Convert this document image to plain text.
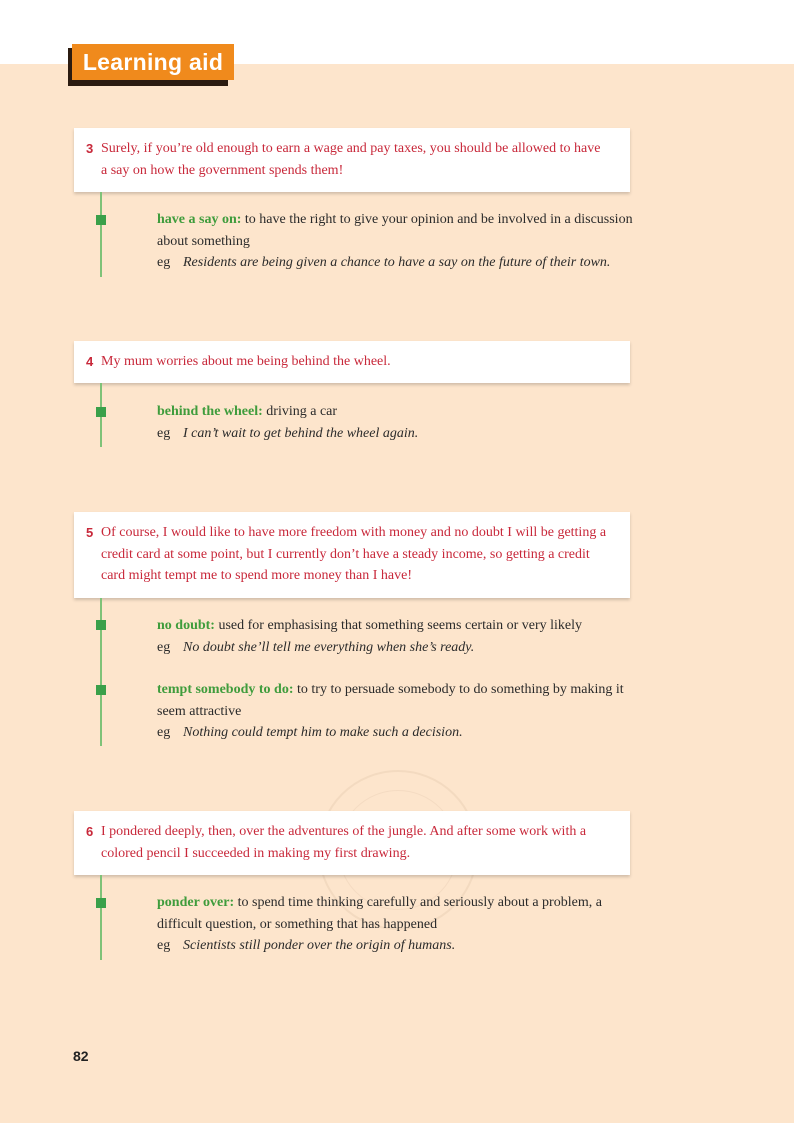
Learning aid
3 Surely, if you’re old enough to earn a wage and pay taxes, you should be allowed to have a say on how the government spends them!
have a say on: to have the right to give your opinion and be involved in a discussion about something
eg Residents are being given a chance to have a say on the future of their town.
4 My mum worries about me being behind the wheel.
behind the wheel: driving a car
eg I can’t wait to get behind the wheel again.
5 Of course, I would like to have more freedom with money and no doubt I will be getting a credit card at some point, but I currently don’t have a steady income, so getting a credit card might tempt me to spend more money than I have!
no doubt: used for emphasising that something seems certain or very likely
eg No doubt she’ll tell me everything when she’s ready.
tempt somebody to do: to try to persuade somebody to do something by making it seem attractive
eg Nothing could tempt him to make such a decision.
6 I pondered deeply, then, over the adventures of the jungle. And after some work with a colored pencil I succeeded in making my first drawing.
ponder over: to spend time thinking carefully and seriously about a problem, a difficult question, or something that has happened
eg Scientists still ponder over the origin of humans.
82
